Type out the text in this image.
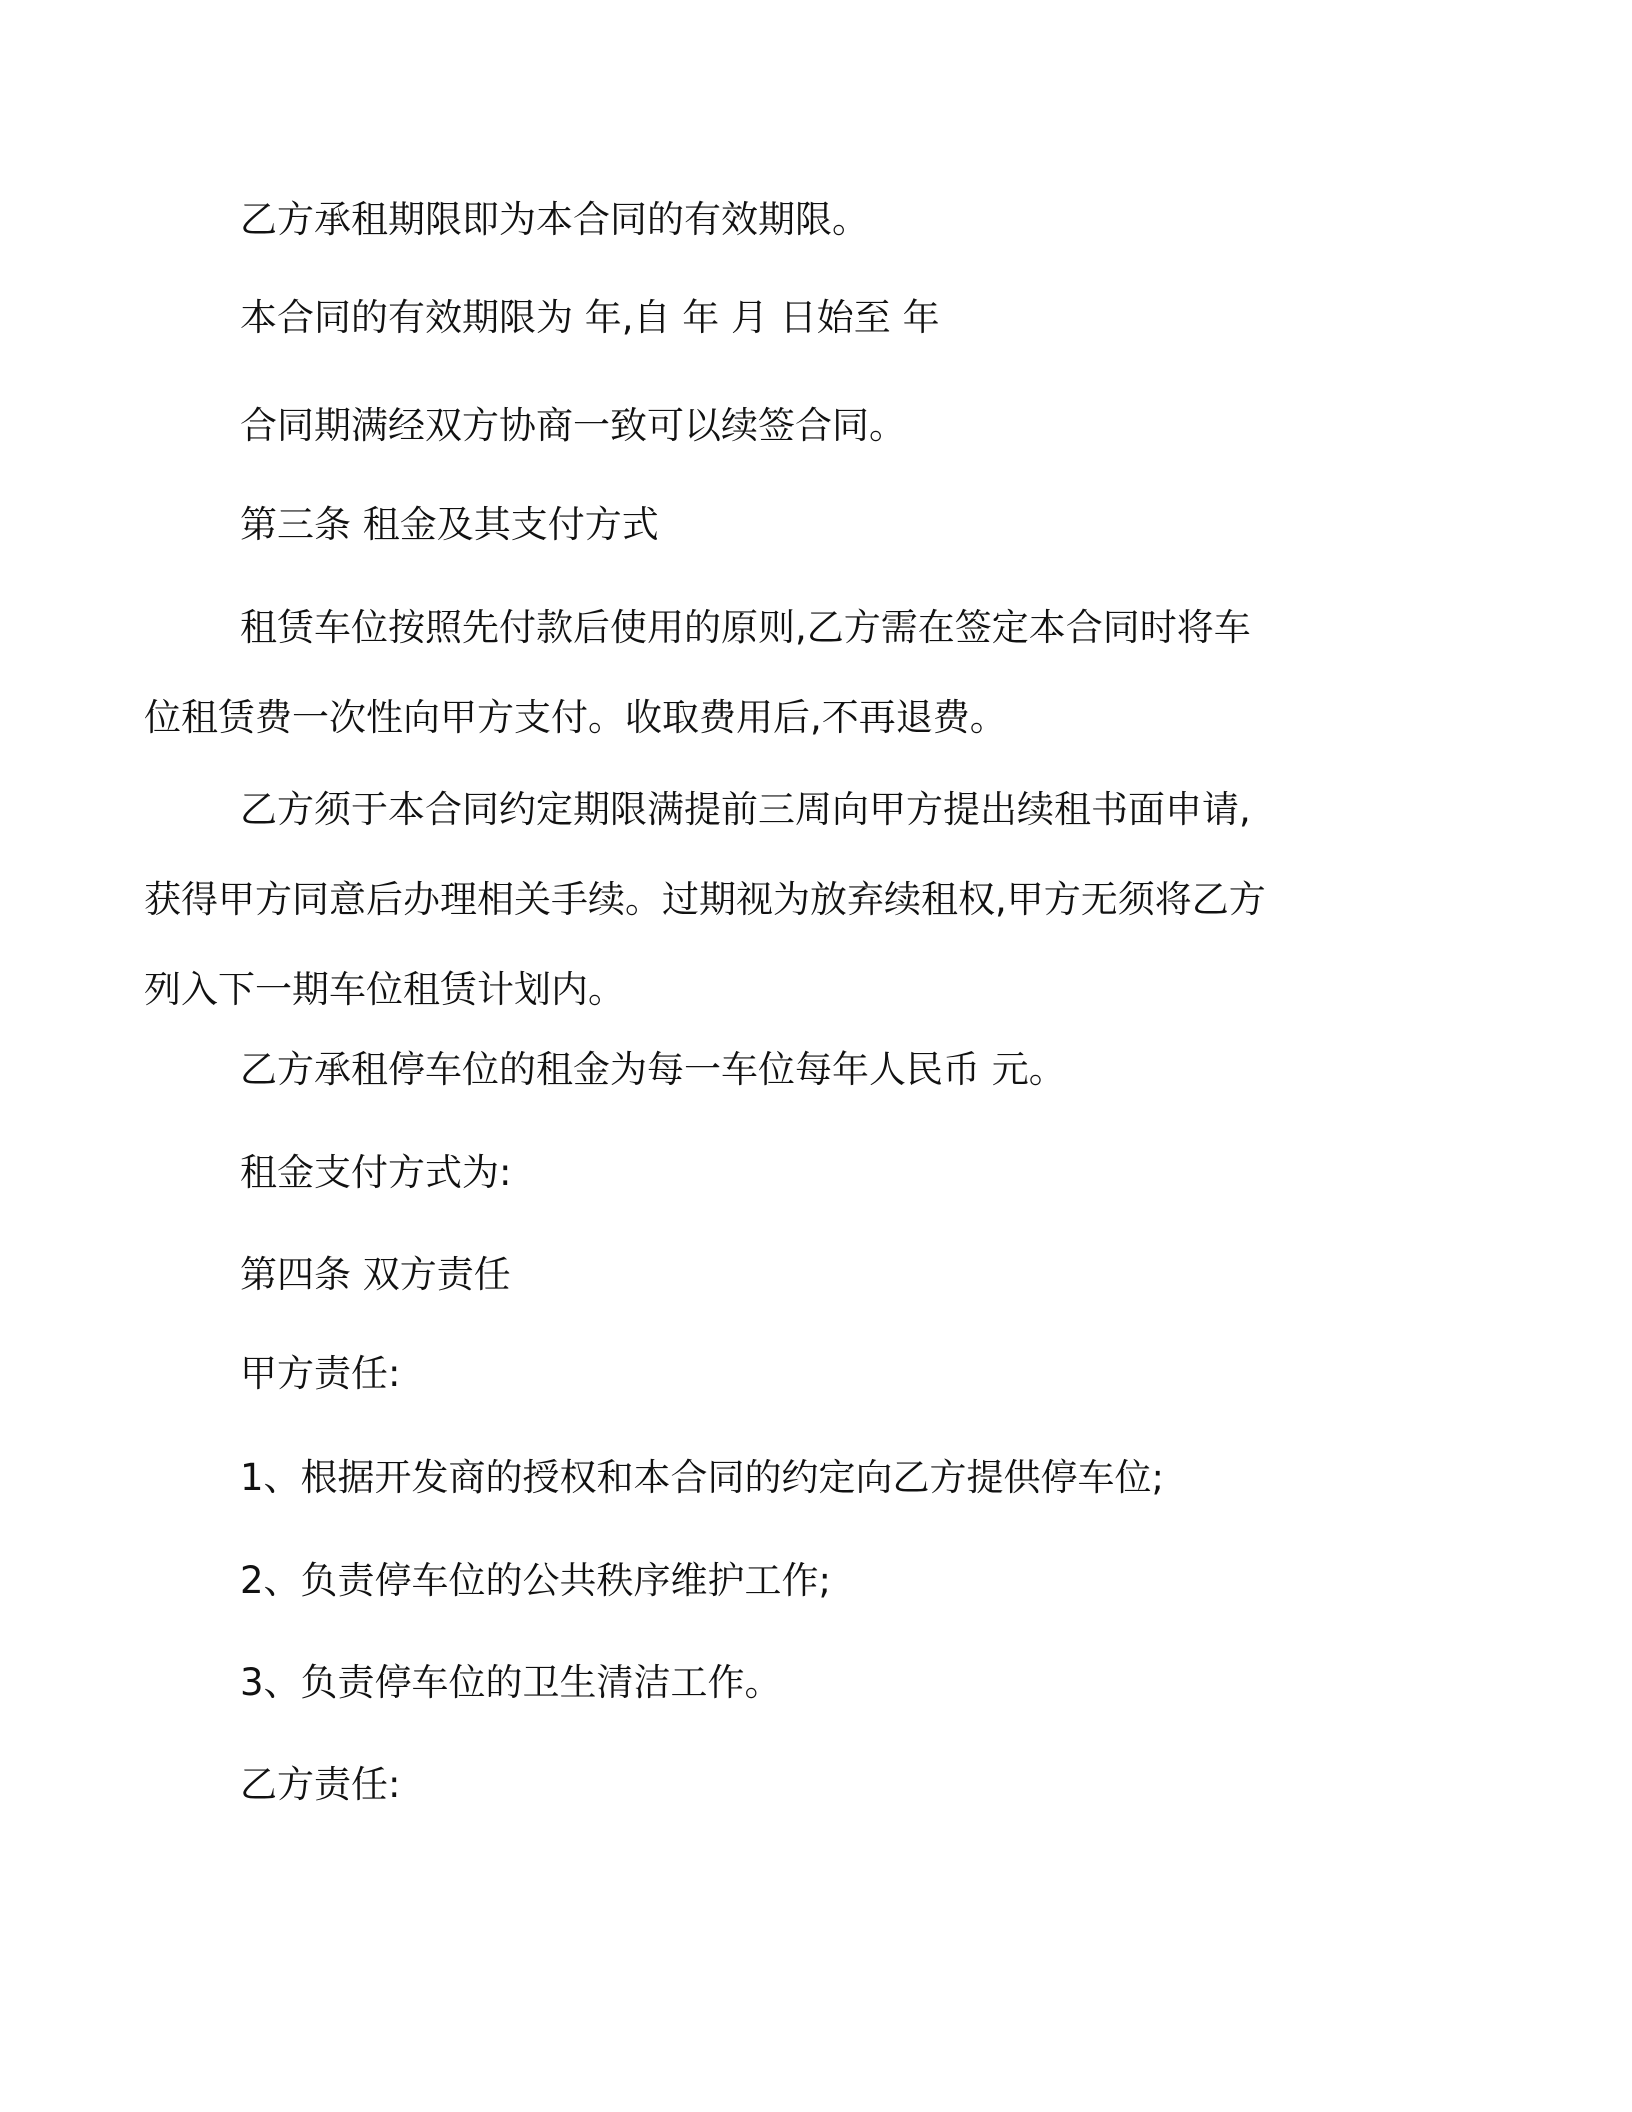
乙方承租期限即为本合同的有效期限。

本合同的有效期限为 年,自 年 月 日始至 年

合同期满经双方协商一致可以续签合同。

第三条 租金及其支付方式

租赁车位按照先付款后使用的原则,乙方需在签定本合同时将车
位租赁费一次性向甲方支付。收取费用后,不再退费。

乙方须于本合同约定期限满提前三周向甲方提出续租书面申请,
获得甲方同意后办理相关手续。过期视为放弃续租权,甲方无须将乙方
列入下一期车位租赁计划内。

乙方承租停车位的租金为每一车位每年人民币 元。

租金支付方式为:

第四条 双方责任

甲方责任:

1、根据开发商的授权和本合同的约定向乙方提供停车位;

2、负责停车位的公共秩序维护工作;

3、负责停车位的卫生清洁工作。

乙方责任:
